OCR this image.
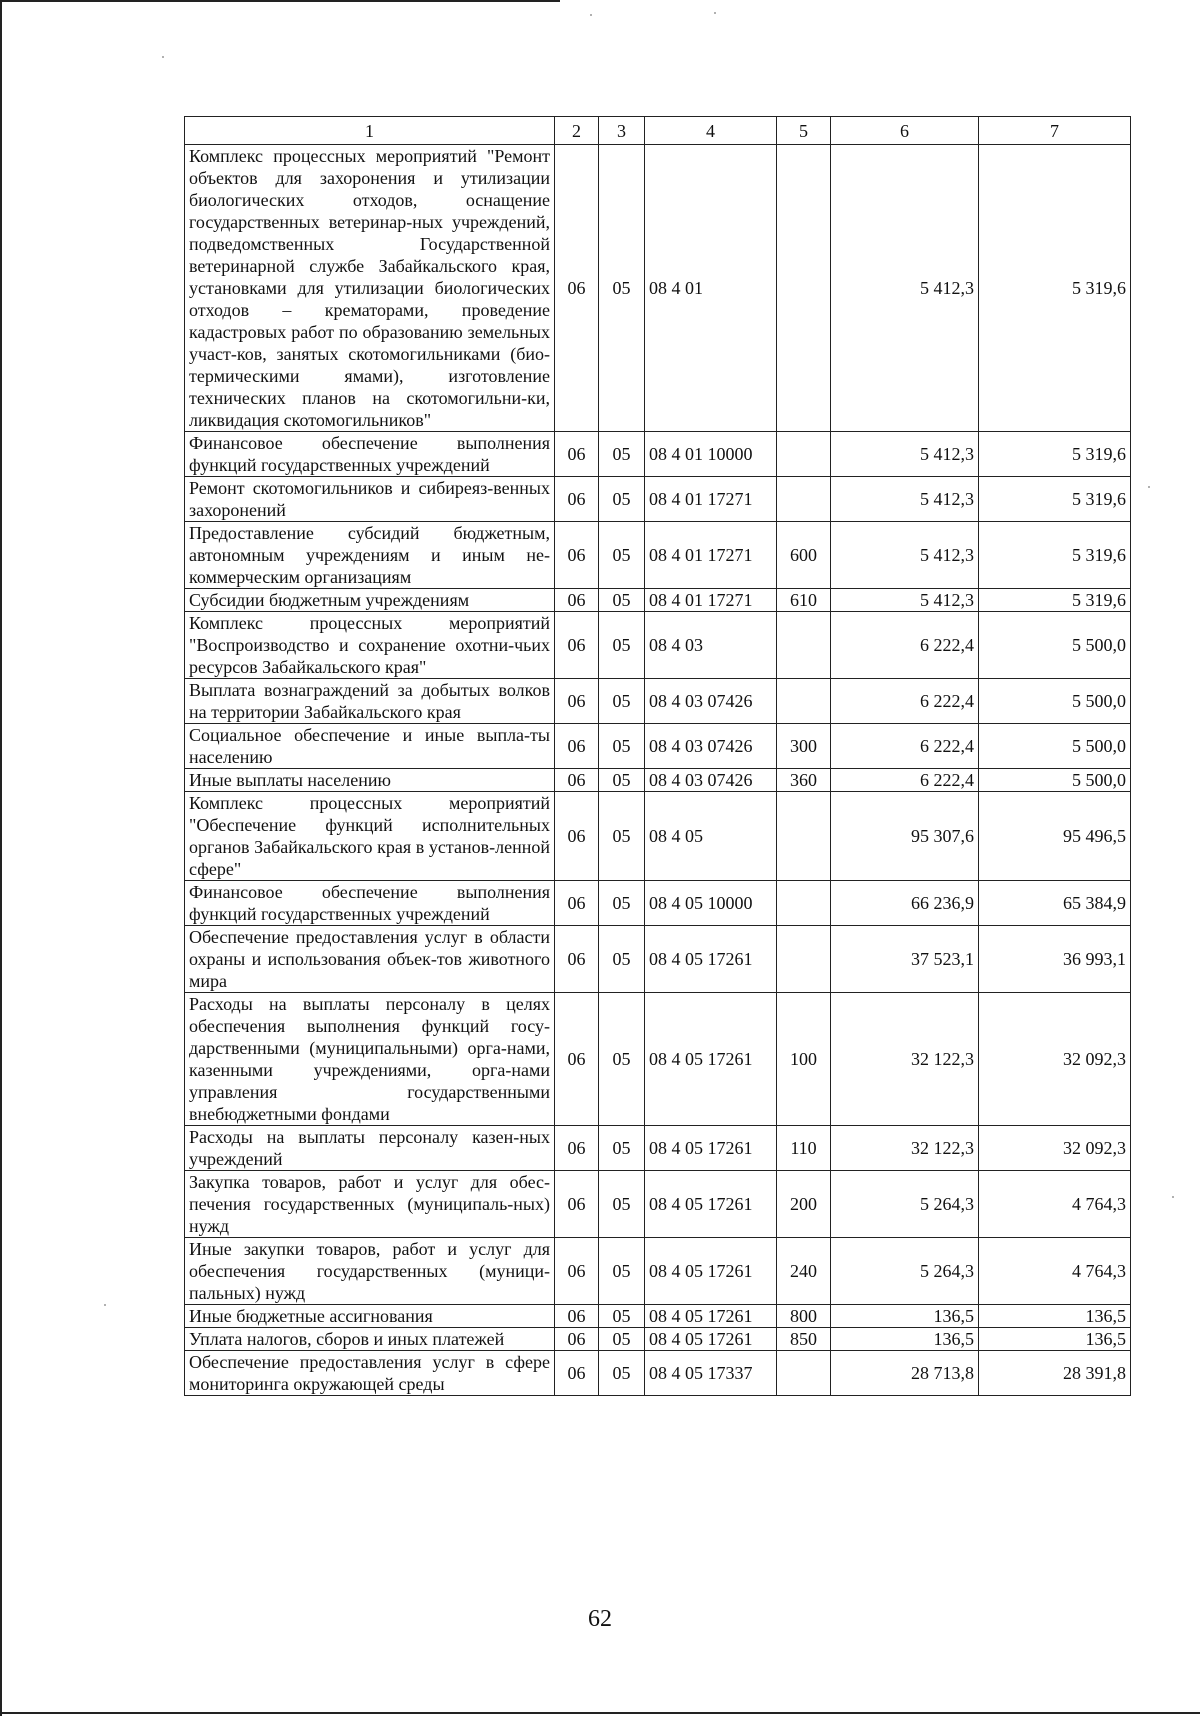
1	2	3	4	5	6	7
Комплекс процессных мероприятий "Ремонт объектов для захоронения и утилизации биологических отходов, оснащение государственных ветеринар-ных учреждений, подведомственных Государственной ветеринарной службе Забайкальского края, установками для утилизации биологических отходов – крематорами, проведение кадастровых работ по образованию земельных участ-ков, занятых скотомогильниками (био-термическими ямами), изготовление технических планов на скотомогильни-ки, ликвидация скотомогильников"	06	05	08 4 01		5 412,3	5 319,6
Финансовое обеспечение выполнения функций государственных учреждений	06	05	08 4 01 10000		5 412,3	5 319,6
Ремонт скотомогильников и сибиреяз-венных захоронений	06	05	08 4 01 17271		5 412,3	5 319,6
Предоставление субсидий бюджетным, автономным учреждениям и иным не-коммерческим организациям	06	05	08 4 01 17271	600	5 412,3	5 319,6
Субсидии бюджетным учреждениям	06	05	08 4 01 17271	610	5 412,3	5 319,6
Комплекс процессных мероприятий "Воспроизводство и сохранение охотни-чьих ресурсов Забайкальского края"	06	05	08 4 03		6 222,4	5 500,0
Выплата вознаграждений за добытых волков на территории Забайкальского края	06	05	08 4 03 07426		6 222,4	5 500,0
Социальное обеспечение и иные выпла-ты населению	06	05	08 4 03 07426	300	6 222,4	5 500,0
Иные выплаты населению	06	05	08 4 03 07426	360	6 222,4	5 500,0
Комплекс процессных мероприятий "Обеспечение функций исполнительных органов Забайкальского края в установ-ленной сфере"	06	05	08 4 05		95 307,6	95 496,5
Финансовое обеспечение выполнения функций государственных учреждений	06	05	08 4 05 10000		66 236,9	65 384,9
Обеспечение предоставления услуг в области охраны и использования объек-тов животного мира	06	05	08 4 05 17261		37 523,1	36 993,1
Расходы на выплаты персоналу в целях обеспечения выполнения функций госу-дарственными (муниципальными) орга-нами, казенными учреждениями, орга-нами управления государственными внебюджетными фондами	06	05	08 4 05 17261	100	32 122,3	32 092,3
Расходы на выплаты персоналу казен-ных учреждений	06	05	08 4 05 17261	110	32 122,3	32 092,3
Закупка товаров, работ и услуг для обес-печения государственных (муниципаль-ных) нужд	06	05	08 4 05 17261	200	5 264,3	4 764,3
Иные закупки товаров, работ и услуг для обеспечения государственных (муници-пальных) нужд	06	05	08 4 05 17261	240	5 264,3	4 764,3
Иные бюджетные ассигнования	06	05	08 4 05 17261	800	136,5	136,5
Уплата налогов, сборов и иных платежей	06	05	08 4 05 17261	850	136,5	136,5
Обеспечение предоставления услуг в сфере мониторинга окружающей среды	06	05	08 4 05 17337		28 713,8	28 391,8
62
